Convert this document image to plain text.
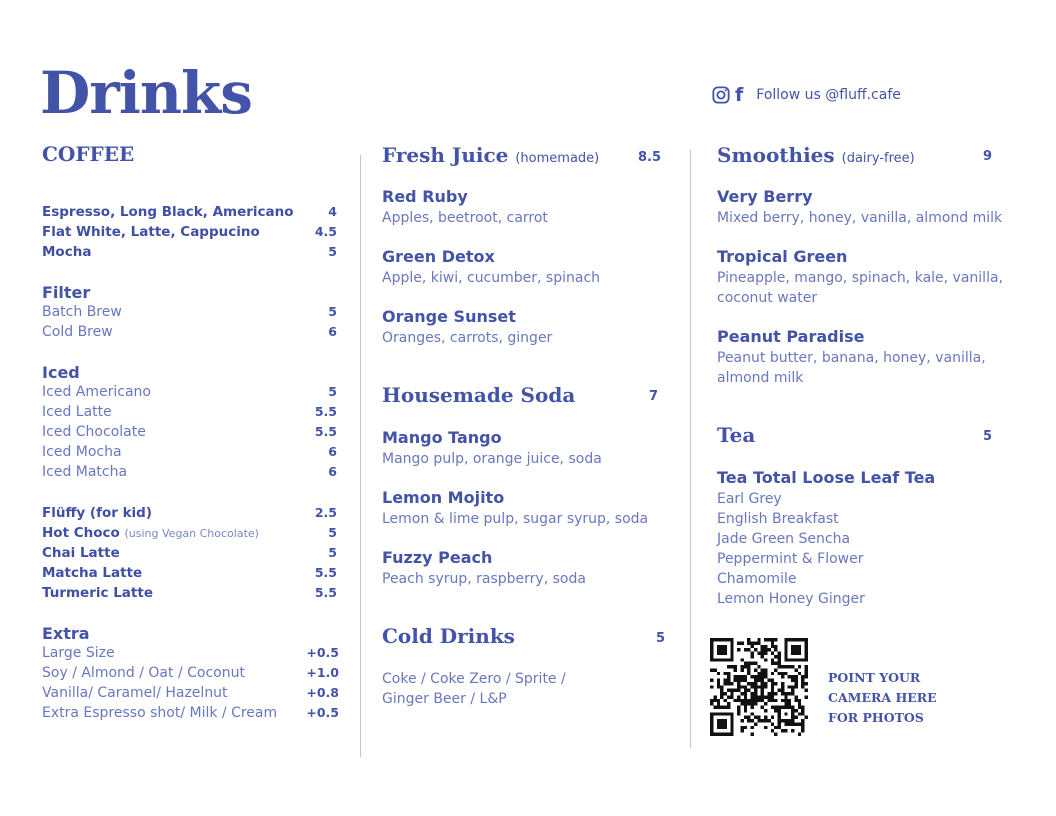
Drinks	f Follow us @fluff.cafe
COFFEE
Espresso, Long Black, Americano	4
Flat White, Latte, Cappucino	4.5
Mocha	5
Filter
Batch Brew	5
Cold Brew	6
Iced
Iced Americano	5
Iced Latte	5.5
Iced Chocolate	5.5
Iced Mocha	6
Iced Matcha	6
Flüffy (for kid)	2.5
Hot Choco (using Vegan Chocolate)	5
Chai Latte	5
Matcha Latte	5.5
Turmeric Latte	5.5
Extra
Large Size	+0.5
Soy / Almond / Oat / Coconut	+1.0
Vanilla/ Caramel/ Hazelnut	+0.8
Extra Espresso shot/ Milk / Cream +0.5
Fresh Juice (homemade)	8.5
Red Ruby
Apples, beetroot, carrot
Green Detox
Apple, kiwi, cucumber, spinach
Orange Sunset
Oranges, carrots, ginger
Housemade Soda	7
Mango Tango
Mango pulp, orange juice, soda
Lemon Mojito
Lemon & lime pulp, sugar syrup, soda
Fuzzy Peach
Peach syrup, raspberry, soda
Cold Drinks	5
Coke / Coke Zero / Sprite /
Ginger Beer / L&P
Smoothies (dairy-free)	9
Very Berry
Mixed berry, honey, vanilla, almond milk
Tropical Green
Pineapple, mango, spinach, kale, vanilla, coconut water
Peanut Paradise
Peanut butter, banana, honey, vanilla, almond milk
Tea	5
Tea Total Loose Leaf Tea
Earl Grey
English Breakfast
Jade Green Sencha
Peppermint & Flower
Chamomile
Lemon Honey Ginger
POINT YOUR
CAMERA HERE
FOR PHOTOS
